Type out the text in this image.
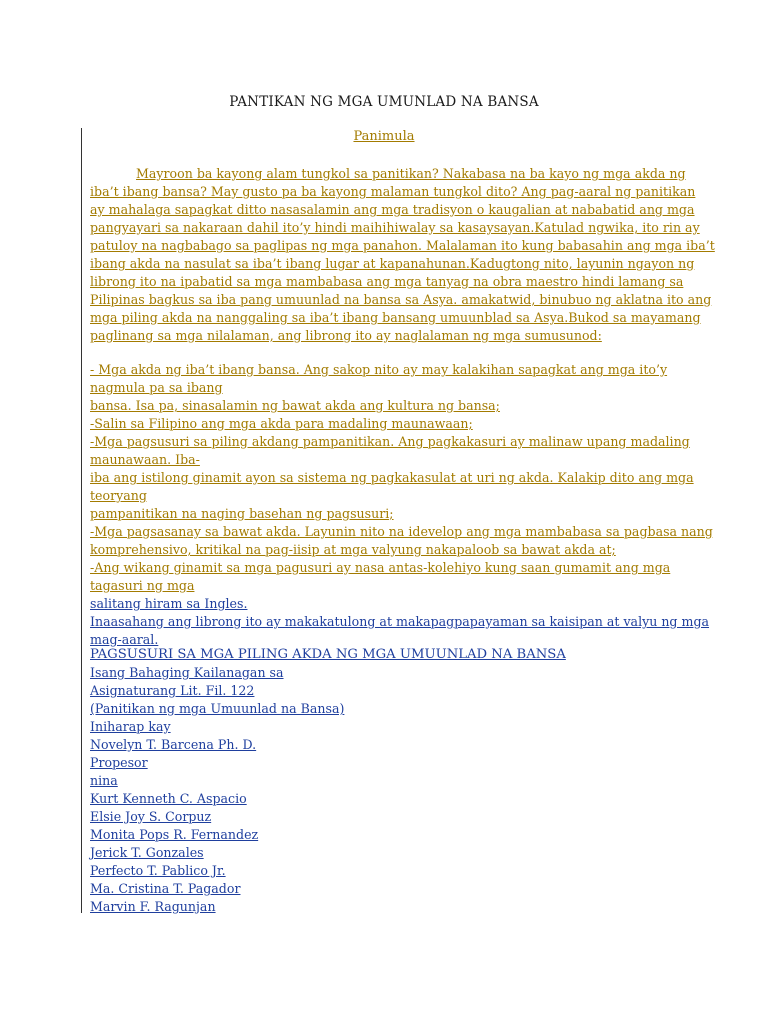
PANTIKAN NG MGA UMUNLAD NA BANSA
Panimula
Mayroon ba kayong alam tungkol sa panitikan? Nakabasa na ba kayo ng mga akda ng
iba’t ibang bansa? May gusto pa ba kayong malaman tungkol dito? Ang pag-aaral ng panitikan
ay mahalaga sapagkat ditto nasasalamin ang mga tradisyon o kaugalian at nababatid ang mga
pangyayari sa nakaraan dahil ito’y hindi maihihiwalay sa kasaysayan.Katulad ngwika, ito rin ay
patuloy na nagbabago sa paglipas ng mga panahon. Malalaman ito kung babasahin ang mga iba’t
ibang akda na nasulat sa iba’t ibang lugar at kapanahunan.Kadugtong nito, layunin ngayon ng
librong ito na ipabatid sa mga mambabasa ang mga tanyag na obra maestro hindi lamang sa
Pilipinas bagkus sa iba pang umuunlad na bansa sa Asya. amakatwid, binubuo ng aklatna ito ang
mga piling akda na nanggaling sa iba’t ibang bansang umuunblad sa Asya.Bukod sa mayamang
paglinang sa mga nilalaman, ang librong ito ay naglalaman ng mga sumusunod:
- Mga akda ng iba’t ibang bansa. Ang sakop nito ay may kalakihan sapagkat ang mga ito’y
nagmula pa sa ibang
bansa. Isa pa, sinasalamin ng bawat akda ang kultura ng bansa;
-Salin sa Filipino ang mga akda para madaling maunawaan;
-Mga pagsusuri sa piling akdang pampanitikan. Ang pagkakasuri ay malinaw upang madaling
maunawaan. Iba-
iba ang istilong ginamit ayon sa sistema ng pagkakasulat at uri ng akda. Kalakip dito ang mga
teoryang
pampanitikan na naging basehan ng pagsusuri;
-Mga pagsasanay sa bawat akda. Layunin nito na idevelop ang mga mambabasa sa pagbasa nang
komprehensivo, kritikal na pag-iisip at mga valyung nakapaloob sa bawat akda at;
-Ang wikang ginamit sa mga pagusuri ay nasa antas-kolehiyo kung saan gumamit ang mga
tagasuri ng mga
salitang hiram sa Ingles.
Inaasahang ang librong ito ay makakatulong at makapagpapayaman sa kaisipan at valyu ng mga
mag-aaral.
PAGSUSURI SA MGA PILING AKDA NG MGA UMUUNLAD NA BANSA
Isang Bahaging Kailanagan sa
Asignaturang Lit. Fil. 122
(Panitikan ng mga Umuunlad na Bansa)
Iniharap kay
Novelyn T. Barcena Ph. D.
Propesor
nina
Kurt Kenneth C. Aspacio
Elsie Joy S. Corpuz
Monita Pops R. Fernandez
Jerick T. Gonzales
Perfecto T. Pablico Jr.
Ma. Cristina T. Pagador
Marvin F. Ragunjan
